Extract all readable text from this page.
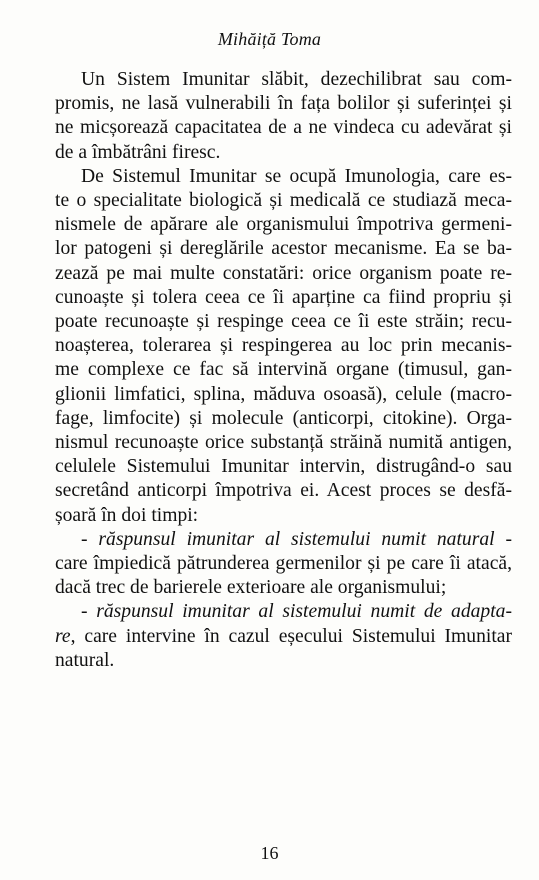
Mihăiță Toma

Un Sistem Imunitar slăbit, dezechilibrat sau com-

promis, ne lasă vulnerabili în fața bolilor și suferinței și

ne micșorează capacitatea de a ne vindeca cu adevărat și

de a îmbătrâni firesc.

De Sistemul Imunitar se ocupă Imunologia, care es-

te o specialitate biologică și medicală ce studiază meca-

nismele de apărare ale organismului împotriva germeni-

lor patogeni și dereglările acestor mecanisme. Ea se ba-

zează pe mai multe constatări: orice organism poate re-

cunoaște și tolera ceea ce îi aparține ca fiind propriu și

poate recunoaște și respinge ceea ce îi este străin; recu-

noașterea, tolerarea și respingerea au loc prin mecanis-

me complexe ce fac să intervină organe (timusul, gan-

glionii limfatici, splina, măduva osoasă), celule (macro-

fage, limfocite) și molecule (anticorpi, citokine). Orga-

nismul recunoaște orice substanță străină numită antigen,

celulele Sistemului Imunitar intervin, distrugând-o sau

secretând anticorpi împotriva ei. Acest proces se desfă-

șoară în doi timpi:

- răspunsul imunitar al sistemului numit natural -

care împiedică pătrunderea germenilor și pe care îi atacă,

dacă trec de barierele exterioare ale organismului;

- răspunsul imunitar al sistemului numit de adapta-

re, care intervine în cazul eșecului Sistemului Imunitar

natural.

16
